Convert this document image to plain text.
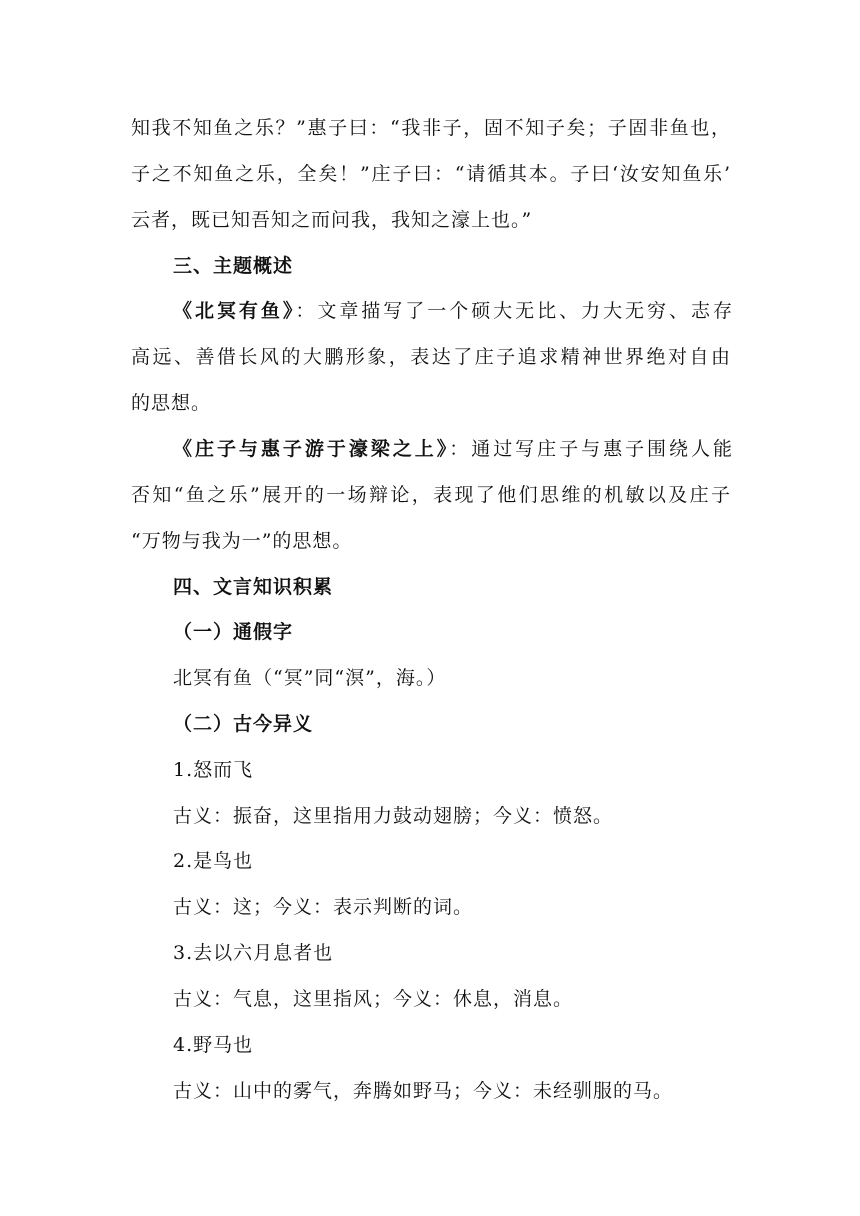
知我不知鱼之乐？”惠子曰：“我非子，固不知子矣；子固非鱼也，
子之不知鱼之乐，全矣！”庄子曰：“请循其本。子曰‘汝安知鱼乐’
云者，既已知吾知之而问我，我知之濠上也。”
三、主题概述
《北冥有鱼》：文章描写了一个硕大无比、力大无穷、志存
高远、善借长风的大鹏形象，表达了庄子追求精神世界绝对自由
的思想。
《庄子与惠子游于濠梁之上》：通过写庄子与惠子围绕人能
否知“鱼之乐”展开的一场辩论，表现了他们思维的机敏以及庄子
“万物与我为一”的思想。
四、文言知识积累
（一）通假字
北冥有鱼（“冥”同“溟”，海。）
（二）古今异义
1.怒而飞
古义：振奋，这里指用力鼓动翅膀；今义：愤怒。
2.是鸟也
古义：这；今义：表示判断的词。
3.去以六月息者也
古义：气息，这里指风；今义：休息，消息。
4.野马也
古义：山中的雾气，奔腾如野马；今义：未经驯服的马。
